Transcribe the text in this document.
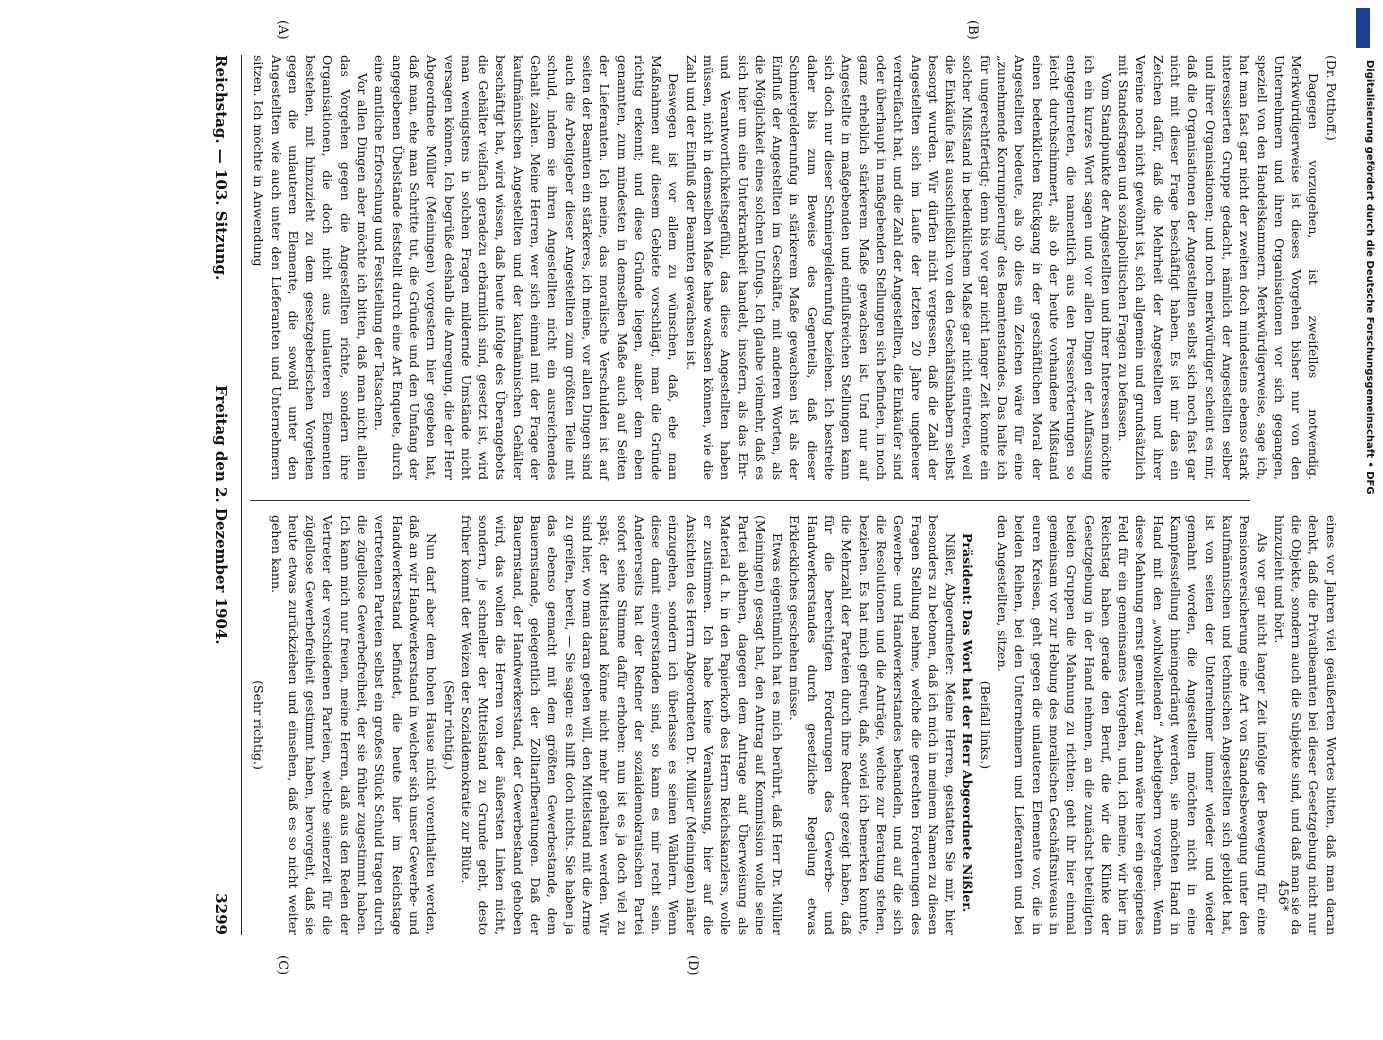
Reichstag. — 103. Sitzung.
Freitag den 2. Dezember 1904.
3299
(A)	(B)
(C)	(D)

(Dr. Potthoff.)

Dagegen vorzugehen, ist zweifellos notwendig. Merkwürdigerweise ist dieses Vorgehen bisher nur von den Unternehmern und ihren Organisationen vor sich gegangen, speziell von den Handelskammern. Merkwürdigerweise, sage ich, hat man fast gar nicht der zweiten doch mindestens ebenso stark interessierten Gruppe gedacht, nämlich der Angestellten selber und ihrer Organisationen; und noch merkwürdiger scheint es mir, daß die Organisationen der Angestellten selbst sich noch fast gar nicht mit dieser Frage beschäftigt haben. Es ist mir das ein Zeichen dafür, daß die Mehrheit der Angestellten und ihrer Vereine noch nicht gewöhnt ist, sich allgemein und grundsätzlich mit Standesfragen und sozialpolitischen Fragen zu befassen.

Vom Standpunkte der Angestellten und ihrer Interessen möchte ich ein kurzes Wort sagen und vor allen Dingen der Auffassung entgegentreten, die namentlich aus den Presserörterungen so leicht durchschimmert, als ob der heute vorhandene Mißstand einen bedenklichen Rückgang in der geschäftlichen Moral der Angestellten bedeute, als ob dies ein Zeichen wäre für eine „zunehmende Korrumpierung“ des Beamtenstandes. Das halte ich für ungerechtfertigt; denn bis vor gar nicht langer Zeit konnte ein solcher Mißstand in bedenklichem Maße gar nicht eintreten, weil die Einkäufe fast ausschließlich von den Geschäftsinhabern selbst besorgt wurden. Wir dürfen nicht vergessen, daß die Zahl der Angestellten sich im Laufe der letzten 20 Jahre ungeheuer verdreifacht hat, und die Zahl der Angestellten, die Einkäufer sind oder überhaupt in maßgebenden Stellungen sich befinden, in noch ganz erheblich stärkerem Maße gewachsen ist. Und nur auf Angestellte in maßgebenden und einflußreichen Stellungen kann sich doch nur dieser Schmiergelderunfug beziehen. Ich bestreite daher bis zum Beweise des Gegenteils, daß dieser Schmiergelderunfug in stärkerem Maße gewachsen ist als der Einfluß der Angestellten im Geschäfte, mit anderen Worten, als die Möglichkeit eines solchen Unfugs. Ich glaube vielmehr, daß es sich hier um eine Unterkrankheit handelt, insofern, als das Ehr- und Verantwortlichkeitsgefühl, das diese Angestellten haben müssen, nicht in demselben Maße habe wachsen können, wie die Zahl und der Einfluß der Beamten gewachsen ist.

Deswegen ist vor allem zu wünschen, daß, ehe man Maßnahmen auf diesem Gebiete vorschlägt, man die Gründe richtig erkennt; und diese Gründe liegen, außer dem eben genannten, zum mindesten in demselben Maße auch auf Seiten der Lieferanten. Ich meine, das moralische Verschulden ist auf seiten der Beamten ein stärkeres, ich meine, vor allen Dingen sind auch die Arbeitgeber dieser Angestellten zum größten Teile mit schuld, indem sie ihren Angestellten nicht ein ausreichendes Gehalt zahlen. Meine Herren, wer sich einmal mit der Frage der kaufmännischen Angestellten und der kaufmännischen Gehälter beschäftigt hat, wird wissen, daß heute infolge des Überangebots die Gehälter vielfach geradezu erbärmlich sind, gesetzt ist, wird man wenigstens in solchen Fragen mildernde Umstände nicht versagen können. Ich begrüße deshalb die Anregung, die der Herr Abgeordnete Müller (Meiningen) vorgestern hier gegeben hat, daß man, ehe man Schritte tut, die Gründe und den Umfang der angegebenen Übelstände feststellt durch eine Art Enquete, durch eine amtliche Erforschung und Feststellung der Tatsachen.

Vor allen Dingen aber möchte ich bitten, daß man nicht allein das Vorgehen gegen die Angestellten richte, sondern ihre Organisationen, die doch nicht aus unlauteren Elementen bestehen, mit hinzuzieht zu dem gesetzgeberischen Vorgehen gegen die unlauteren Elemente, die sowohl unter den Angestellten wie auch unter den Lieferanten und Unternehmern sitzen. Ich möchte in Anwendung

eines vor Jahren viel geäußerten Wortes bitten, daß man daran denkt, daß die Privatbeamten bei dieser Gesetzgebung nicht nur die Objekte, sondern auch die Subjekte sind, und daß man sie da hinzuzieht und hört.

Als vor gar nicht langer Zeit infolge der Bewegung für eine Pensionsversicherung eine Art von Standesbewegung unter den kaufmännischen und technischen Angestellten sich gebildet hat, ist von seiten der Unternehmer immer wieder und wieder gemahnt worden, die Angestellten möchten nicht in eine Kampfesstellung hineingedrängt werden, sie möchten Hand in Hand mit den „wohlwollenden“ Arbeitgebern vorgehen. Wenn diese Mahnung ernst gemeint war, dann wäre hier ein geeignetes Feld für ein gemeinsames Vorgehen, und, ich meine, wir hier im Reichstag haben gerade den Beruf, die wir die Klinke der Gesetzgebung in der Hand nehmen, an die zunächst beteiligten beiden Gruppen die Mahnung zu richten: geht ihr hier einmal gemeinsam vor zur Hebung des moralischen Geschäftsniveaus in euren Kreisen, geht gegen die unlauteren Elemente vor, die in beiden Reihen, bei den Unternehmern und Lieferanten und bei den Angestellten, sitzen.

(Beifall links.)

Präsident: Das Wort hat der Herr Abgeordnete Nißler.

Nißler, Abgeordneter: Meine Herren, gestatten Sie mir, hier besonders zu betonen, daß ich mich in meinem Namen zu diesen Fragen Stellung nehme, welche die gerechten Forderungen des Gewerbe- und Handwerkerstandes behandeln, und auf die sich die Resolutionen und die Anträge, welche zur Beratung stehen, beziehen. Es hat mich gefreut, daß, soviel ich bemerken konnte, die Mehrzahl der Parteien durch ihre Redner gezeigt haben, daß für die berechtigten Forderungen des Gewerbe- und Handwerkerstandes durch gesetzliche Regelung etwas Erkleckliches geschehen müsse.

Etwas eigentümlich hat es mich berührt, daß Herr Dr. Müller (Meiningen) gesagt hat, den Antrag auf Kommission wolle seine Partei ablehnen, dagegen dem Antrage auf Überweisung als Material d. h. in den Papierkorb des Herrn Reichskanzlers, wolle er zustimmen. Ich habe keine Veranlassung, hier auf die Ansichten des Herrn Abgeordneten Dr. Müller (Meiningen) näher einzugehen, sondern ich überlasse es seinen Wählern. Wenn diese damit einverstanden sind, so kann es mir recht sein. Andererseits hat der Redner der sozialdemokratischen Partei sofort seine Stimme dafür erhoben: nun ist es ja doch viel zu spät; der Mittelstand könne nicht mehr gehalten werden. Wir sind hier, wo man daran gehen will, den Mittelstand mit die Arme zu greifen, bereit, — Sie sagen: es hilft doch nichts. Sie haben ja das ebenso gemacht mit dem größten Gewerbestande, dem Bauernstande, gelegentlich der Zolltarifberatungen. Daß der Bauernstand, der Handwerkerstand, der Gewerbestand gehoben wird, das wollen die Herren von der äußersten Linken nicht, sondern, je schneller der Mittelstand zu Grunde geht, desto früher kommt der Weizen der Sozialdemokratie zur Blüte.

(Sehr richtig.)

Nun darf aber dem hohen Hause nicht vorenthalten werden, daß an wir Handwerkerstand in welcher sich unser Gewerbe- und Handwerkerstand befindet, die heute hier im Reichstage vertretenen Parteien selbst ein großes Stück Schuld tragen durch die zügellose Gewerbefreiheit, der sie früher zugestimmt haben. Ich kann mich nur freuen, meine Herren, daß aus den Reden der Vertreter der verschiedenen Parteien, welche seinerzeit für die zügellose Gewerbefreiheit gestimmt haben, hervorgeht, daß sie heute etwas zurückziehen und einsehen, daß es so nicht weiter gehen kann.

(Sehr richtig.)

456*
Digitalisierung gefördert durch die Deutsche Forschungsgemeinschaft • DFG
